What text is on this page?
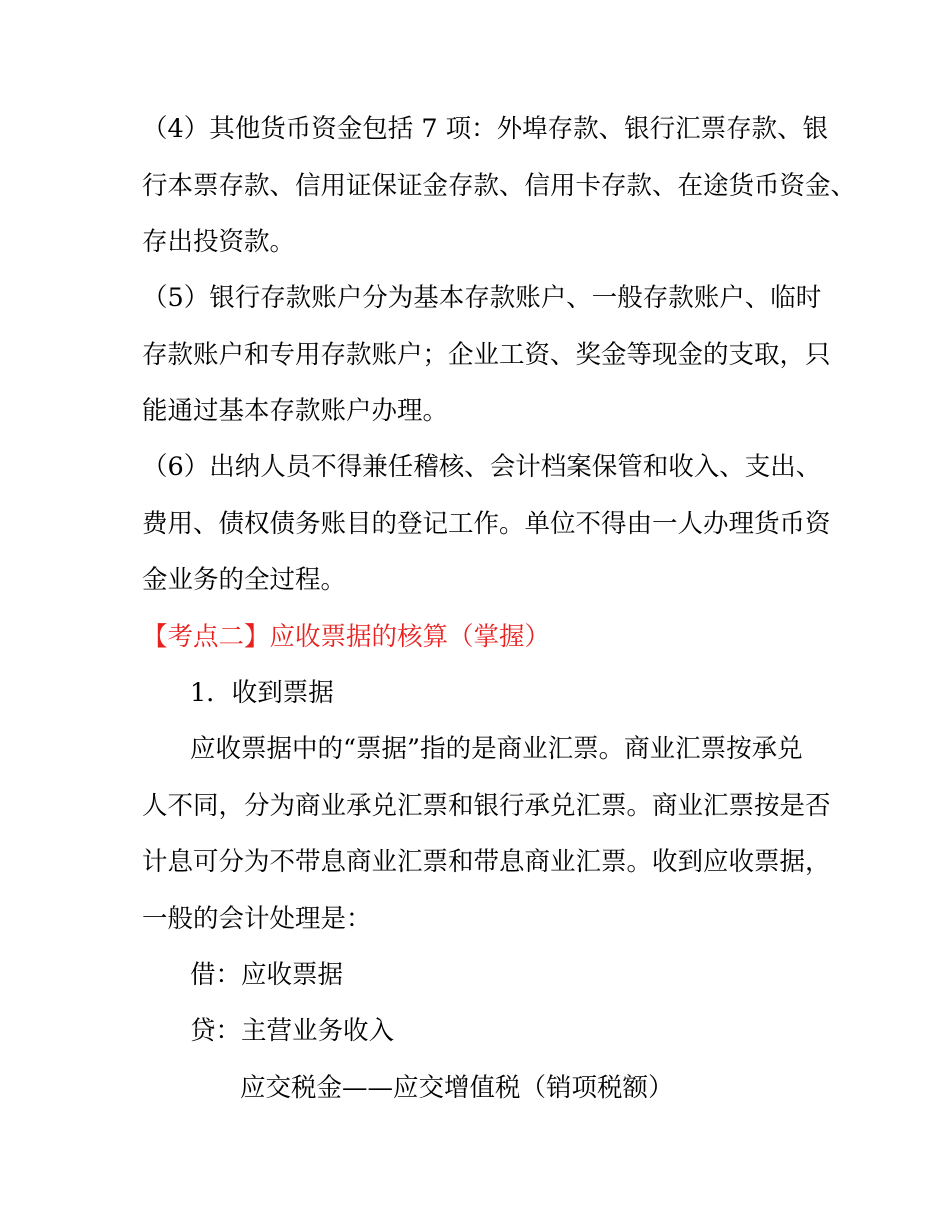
（4）其他货币资金包括 7 项：外埠存款、银行汇票存款、银
行本票存款、信用证保证金存款、信用卡存款、在途货币资金、
存出投资款。
（5）银行存款账户分为基本存款账户、一般存款账户、临时
存款账户和专用存款账户；企业工资、奖金等现金的支取，只
能通过基本存款账户办理。
（6）出纳人员不得兼任稽核、会计档案保管和收入、支出、
费用、债权债务账目的登记工作。单位不得由一人办理货币资
金业务的全过程。
【考点二】应收票据的核算（掌握）
1．收到票据
应收票据中的“票据”指的是商业汇票。商业汇票按承兑
人不同，分为商业承兑汇票和银行承兑汇票。商业汇票按是否
计息可分为不带息商业汇票和带息商业汇票。收到应收票据，
一般的会计处理是：
借：应收票据
贷：主营业务收入
应交税金——应交增值税（销项税额）
